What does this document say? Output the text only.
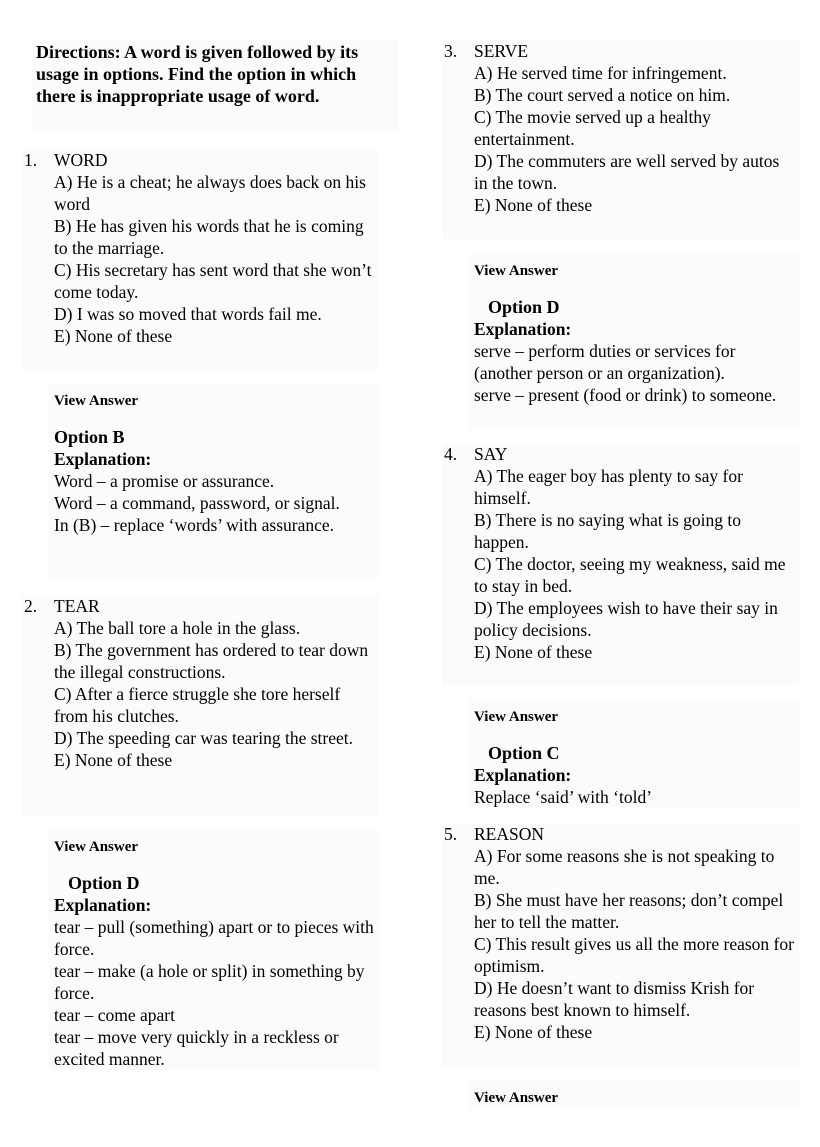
Directions: A word is given followed by its usage in options. Find the option in which there is inappropriate usage of word.
1. WORD
A) He is a cheat; he always does back on his word
B) He has given his words that he is coming to the marriage.
C) His secretary has sent word that she won’t come today.
D) I was so moved that words fail me.
E) None of these
View Answer
Option B
Explanation:
Word – a promise or assurance.
Word – a command, password, or signal.
In (B) – replace ‘words’ with assurance.
2. TEAR
A) The ball tore a hole in the glass.
B) The government has ordered to tear down the illegal constructions.
C) After a fierce struggle she tore herself from his clutches.
D) The speeding car was tearing the street.
E) None of these
View Answer
Option D
Explanation:
tear – pull (something) apart or to pieces with force.
tear – make (a hole or split) in something by force.
tear – come apart
tear – move very quickly in a reckless or excited manner.
3. SERVE
A) He served time for infringement.
B) The court served a notice on him.
C) The movie served up a healthy entertainment.
D) The commuters are well served by autos in the town.
E) None of these
View Answer
Option D
Explanation:
serve – perform duties or services for (another person or an organization).
serve – present (food or drink) to someone.
4. SAY
A) The eager boy has plenty to say for himself.
B) There is no saying what is going to happen.
C) The doctor, seeing my weakness, said me to stay in bed.
D) The employees wish to have their say in policy decisions.
E) None of these
View Answer
Option C
Explanation:
Replace ‘said’ with ‘told’
5. REASON
A) For some reasons she is not speaking to me.
B) She must have her reasons; don’t compel her to tell the matter.
C) This result gives us all the more reason for optimism.
D) He doesn’t want to dismiss Krish for reasons best known to himself.
E) None of these
View Answer
